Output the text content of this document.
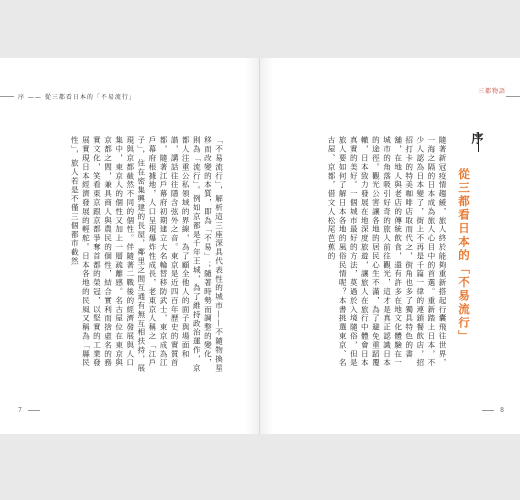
序 —— 從三都看日本的「不易流行」
「不易流行」，解析這三座深具代表性的城市——不隨物換星移而改變的本質，即為「不易」；隨著時勢而調整的變化，則為「流行」。例如京都是千年王城，為了維持政治運作，京都人注重公私領域的界線，為了顧全他人的面子與場面和諧，講話往往隱含弦外之音。東京是近四百年歷史的實質首都，隨著江戶幕府初期建立大名輪替移防武士，東京成為江戶幕府根據地，人口呈現爆炸性成長，老東京人稱之「江戶子」，住在密集興建的長屋，鄰里之間互通有無互相扶持，展現與京都截然不同的個性。伴隨著二戰後的經濟發展與人口集中，東京人的個性又加上一層疏離感。名古屋位在東京與京都之間，兼具商人與農民的個性，結合實利而捨虛名的務實文化，笑看東京跟京都爭奪首都的榮冠，以堅實的工業發展實現日本經濟發展的輕舵。日本各地的民風又稱為「縣民性」，旅人若是不僅三個都市截然
7
三都物語
序
從三都看日本的「不易流行」
隨著新冠疫情趨緩，旅人終於能夠重新搭起行囊飛往世界，一海之隔的日本成為旅人心目中的首選。重新踏上日本，不少人認為日本變了，街上不再是千篇一律的連鎖餐飲店，招招打卡的特美咖啡店取而代之，街角也多了獨具特色的書舖，在地人與老店的傳統飲食，還有許多在地文化體驗在一城市的角落吸引好奇的旅人前往觀光，這才是真正認識日本的途徑。觀光公害讓各地的居民心生不滿，為了避免重蹈覆轍，日本致力發展在地深度旅遊，讓旅人在旅行中體會日本真實的美好。一個城市最好的方法，莫過於入境隨俗，但是旅人要如何了解日本各地的風俗民情呢？本書挑選東京、名古屋、京都，借文人松尾芭蕉的
8
